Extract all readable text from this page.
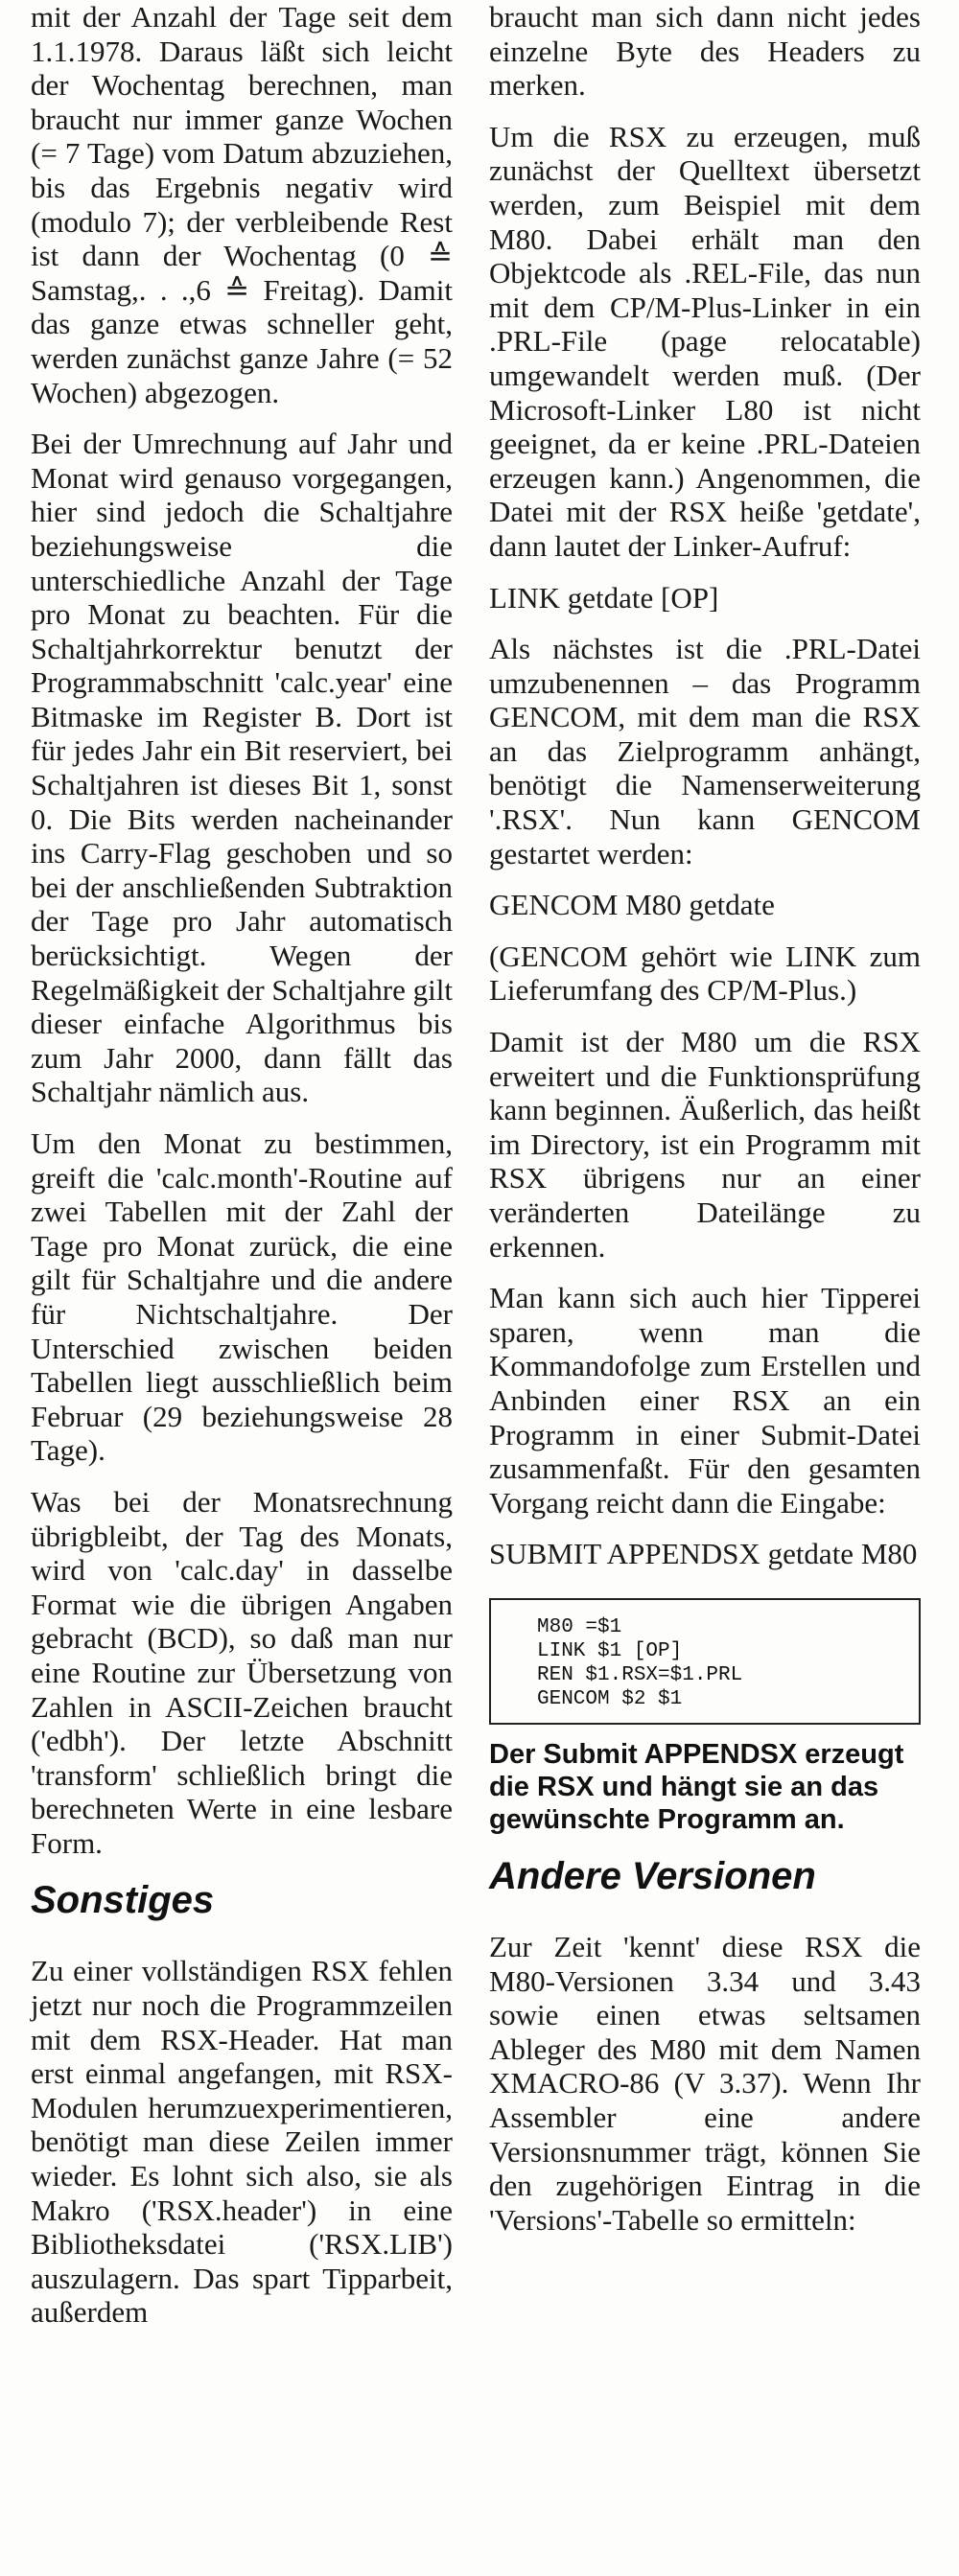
mit der Anzahl der Tage seit dem 1.1.1978. Daraus läßt sich leicht der Wochentag berechnen, man braucht nur immer ganze Wochen (= 7 Tage) vom Datum abzuziehen, bis das Ergebnis negativ wird (modulo 7); der verbleibende Rest ist dann der Wochentag (0 ≙ Samstag,. . .,6 ≙ Freitag). Damit das ganze etwas schneller geht, werden zunächst ganze Jahre (= 52 Wochen) abgezogen.

Bei der Umrechnung auf Jahr und Monat wird genauso vorgegangen, hier sind jedoch die Schaltjahre beziehungsweise die unterschiedliche Anzahl der Tage pro Monat zu beachten. Für die Schaltjahrkorrektur benutzt der Programmabschnitt 'calc.year' eine Bitmaske im Register B. Dort ist für jedes Jahr ein Bit reserviert, bei Schaltjahren ist dieses Bit 1, sonst 0. Die Bits werden nacheinander ins Carry-Flag geschoben und so bei der anschließenden Subtraktion der Tage pro Jahr automatisch berücksichtigt. Wegen der Regelmäßigkeit der Schaltjahre gilt dieser einfache Algorithmus bis zum Jahr 2000, dann fällt das Schaltjahr nämlich aus.

Um den Monat zu bestimmen, greift die 'calc.month'-Routine auf zwei Tabellen mit der Zahl der Tage pro Monat zurück, die eine gilt für Schaltjahre und die andere für Nichtschaltjahre. Der Unterschied zwischen beiden Tabellen liegt ausschließlich beim Februar (29 beziehungsweise 28 Tage).

Was bei der Monatsrechnung übrigbleibt, der Tag des Monats, wird von 'calc.day' in dasselbe Format wie die übrigen Angaben gebracht (BCD), so daß man nur eine Routine zur Übersetzung von Zahlen in ASCII-Zeichen braucht ('edbh'). Der letzte Abschnitt 'transform' schließlich bringt die berechneten Werte in eine lesbare Form.

Sonstiges

Zu einer vollständigen RSX fehlen jetzt nur noch die Programmzeilen mit dem RSX-Header. Hat man erst einmal angefangen, mit RSX-Modulen herumzuexperimentieren, benötigt man diese Zeilen immer wieder. Es lohnt sich also, sie als Makro ('RSX.header') in eine Bibliotheksdatei ('RSX.LIB') auszulagern. Das spart Tipparbeit, außerdem

braucht man sich dann nicht jedes einzelne Byte des Headers zu merken.

Um die RSX zu erzeugen, muß zunächst der Quelltext übersetzt werden, zum Beispiel mit dem M80. Dabei erhält man den Objektcode als .REL-File, das nun mit dem CP/M-Plus-Linker in ein .PRL-File (page relocatable) umgewandelt werden muß. (Der Microsoft-Linker L80 ist nicht geeignet, da er keine .PRL-Dateien erzeugen kann.) Angenommen, die Datei mit der RSX heiße 'getdate', dann lautet der Linker-Aufruf:

LINK getdate [OP]

Als nächstes ist die .PRL-Datei umzubenennen – das Programm GENCOM, mit dem man die RSX an das Zielprogramm anhängt, benötigt die Namenserweiterung '.RSX'. Nun kann GENCOM gestartet werden:

GENCOM M80 getdate

(GENCOM gehört wie LINK zum Lieferumfang des CP/M-Plus.)

Damit ist der M80 um die RSX erweitert und die Funktionsprüfung kann beginnen. Äußerlich, das heißt im Directory, ist ein Programm mit RSX übrigens nur an einer veränderten Dateilänge zu erkennen.

Man kann sich auch hier Tipperei sparen, wenn man die Kommandofolge zum Erstellen und Anbinden einer RSX an ein Programm in einer Submit-Datei zusammenfaßt. Für den gesamten Vorgang reicht dann die Eingabe:

SUBMIT APPENDSX getdate M80

M80 =$1
LINK $1 [OP]
REN $1.RSX=$1.PRL
GENCOM $2 $1

Der Submit APPENDSX erzeugt die RSX und hängt sie an das gewünschte Programm an.

Andere Versionen

Zur Zeit 'kennt' diese RSX die M80-Versionen 3.34 und 3.43 sowie einen etwas seltsamen Ableger des M80 mit dem Namen XMACRO-86 (V 3.37). Wenn Ihr Assembler eine andere Versionsnummer trägt, können Sie den zugehörigen Eintrag in die 'Versions'-Tabelle so ermitteln:
